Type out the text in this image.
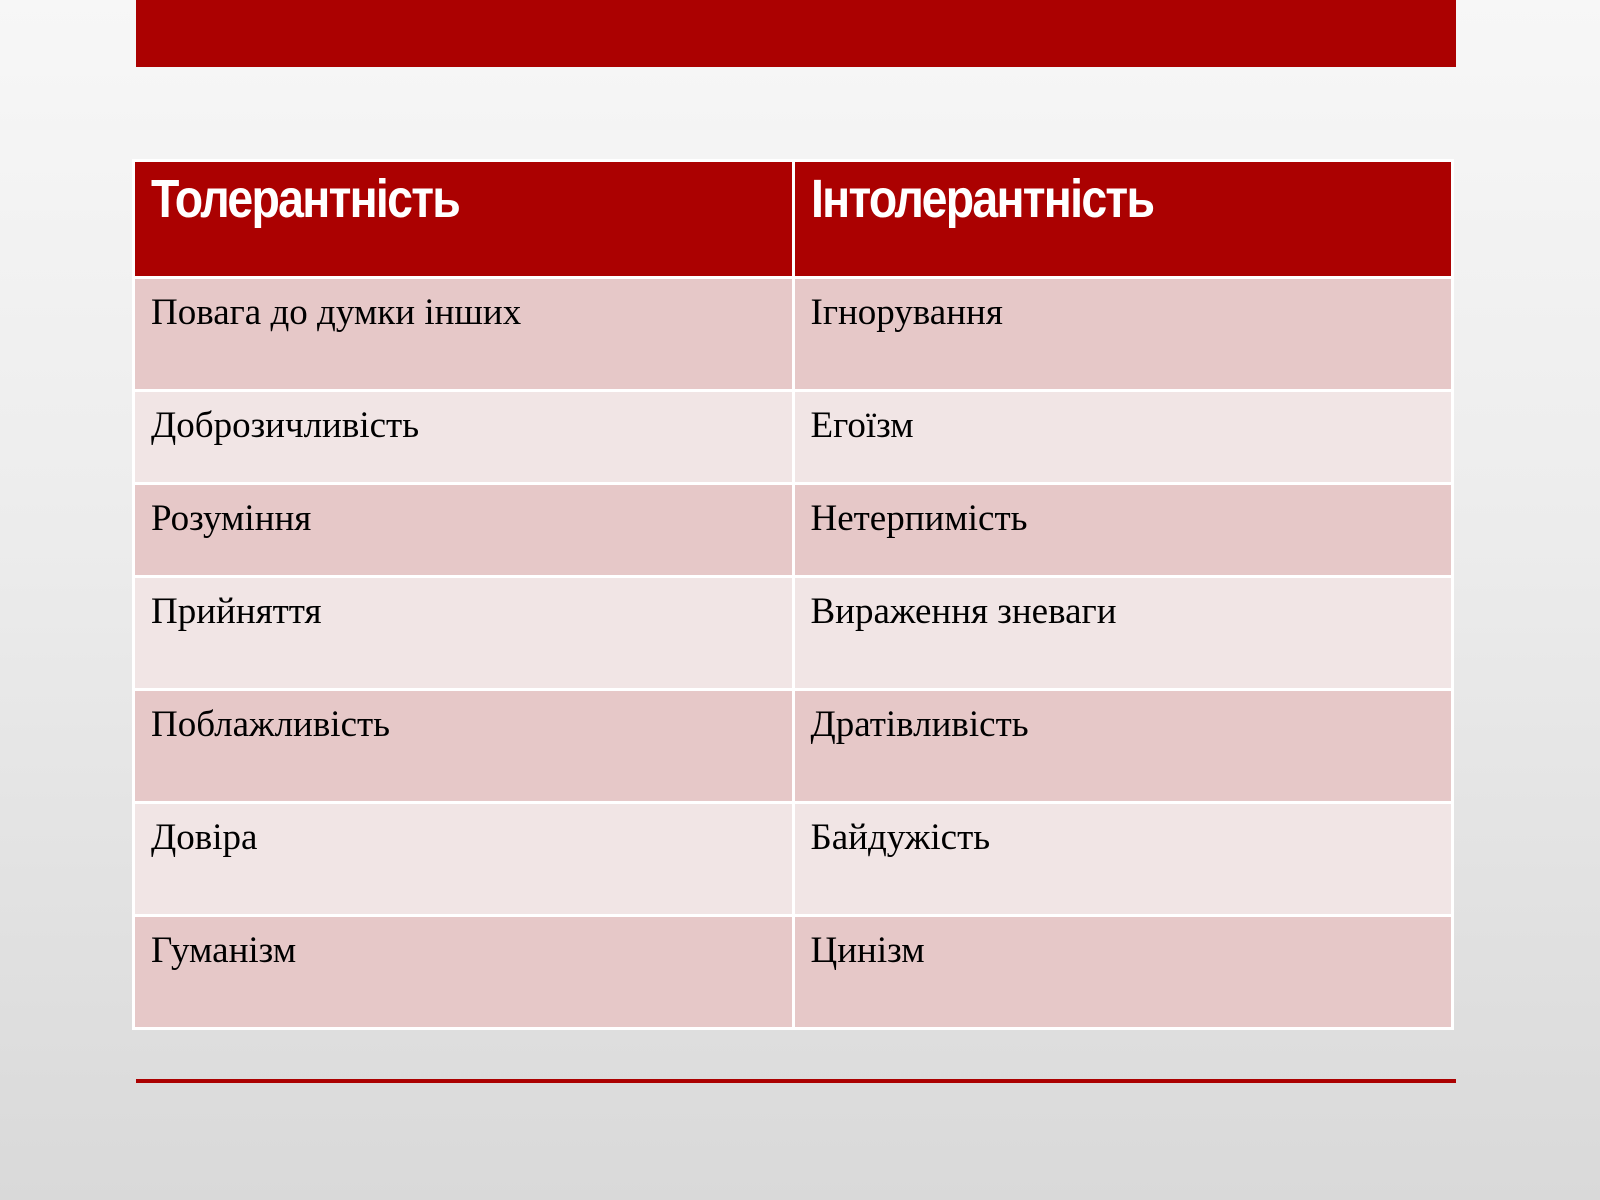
Толерантність	Інтолерантність
Повага до думки інших	Ігнорування
Доброзичливість	Егоїзм
Розуміння	Нетерпимість
Прийняття	Вираження зневаги
Поблажливість	Дратівливість
Довіра	Байдужість
Гуманізм	Цинізм
